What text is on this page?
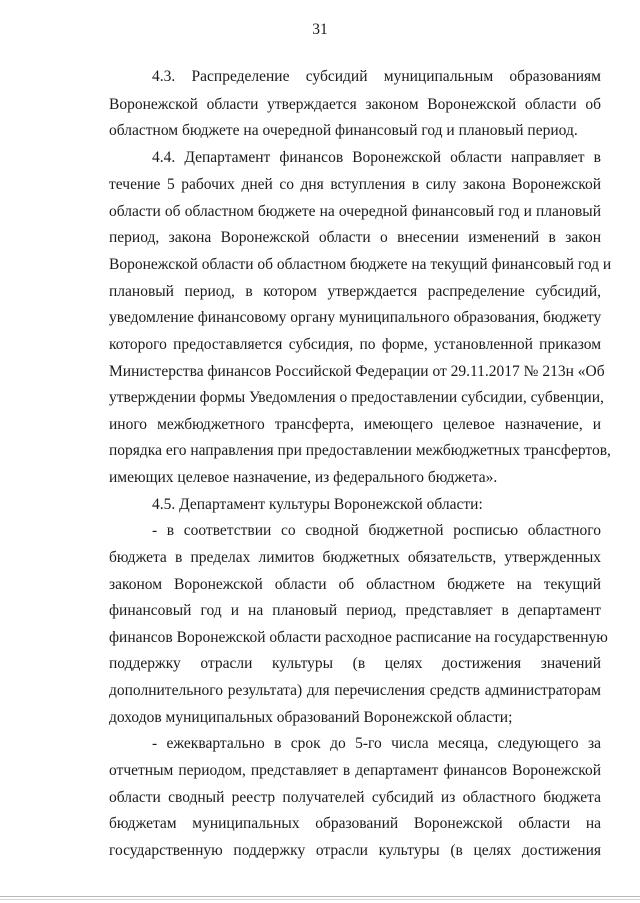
31
4.3. Распределение субсидий муниципальным образованиям
Воронежской области утверждается законом Воронежской области об
областном бюджете на очередной финансовый год и плановый период.
4.4. Департамент финансов Воронежской области направляет в
течение 5 рабочих дней со дня вступления в силу закона Воронежской
области об областном бюджете на очередной финансовый год и плановый
период, закона Воронежской области о внесении изменений в закон
Воронежской области об областном бюджете на текущий финансовый год и
плановый период, в котором утверждается распределение субсидий,
уведомление финансовому органу муниципального образования, бюджету
которого предоставляется субсидия, по форме, установленной приказом
Министерства финансов Российской Федерации от 29.11.2017 № 213н «Об
утверждении формы Уведомления о предоставлении субсидии, субвенции,
иного межбюджетного трансферта, имеющего целевое назначение, и
порядка его направления при предоставлении межбюджетных трансфертов,
имеющих целевое назначение, из федерального бюджета».
4.5. Департамент культуры Воронежской области:
- в соответствии со сводной бюджетной росписью областного
бюджета в пределах лимитов бюджетных обязательств, утвержденных
законом Воронежской области об областном бюджете на текущий
финансовый год и на плановый период, представляет в департамент
финансов Воронежской области расходное расписание на государственную
поддержку отрасли культуры (в целях достижения значений
дополнительного результата) для перечисления средств администраторам
доходов муниципальных образований Воронежской области;
- ежеквартально в срок до 5-го числа месяца, следующего за
отчетным периодом, представляет в департамент финансов Воронежской
области сводный реестр получателей субсидий из областного бюджета
бюджетам муниципальных образований Воронежской области на
государственную поддержку отрасли культуры (в целях достижения
